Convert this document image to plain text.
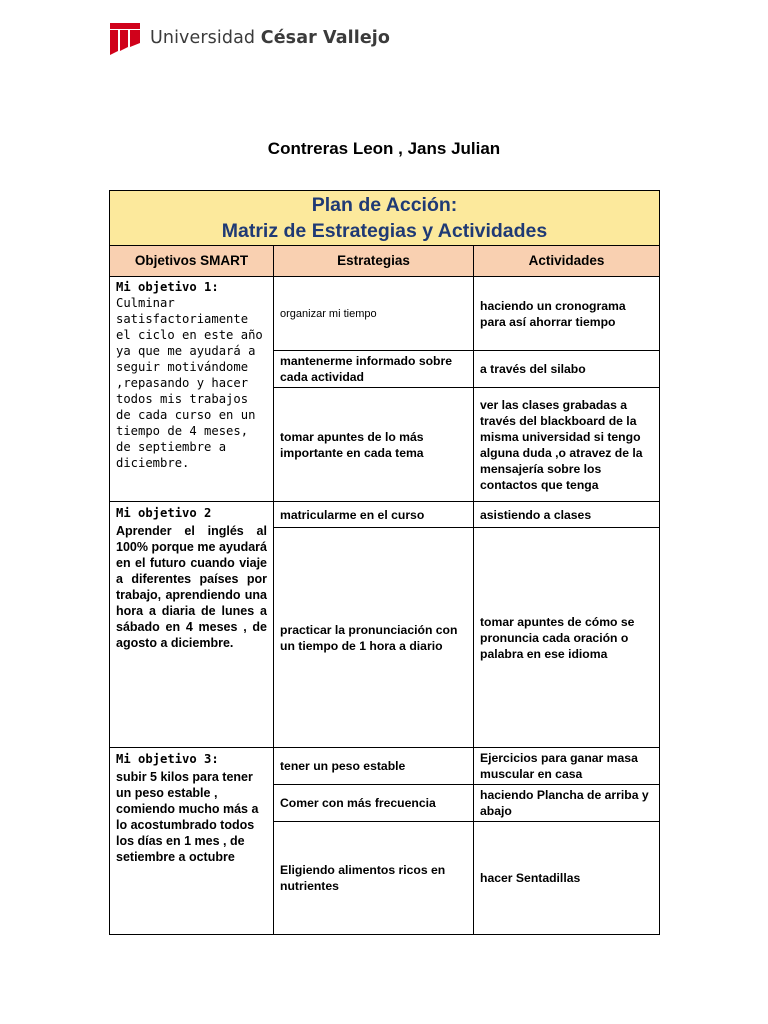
Universidad César Vallejo
Contreras Leon , Jans Julian
Plan de Acción:
Matriz de Estrategias y Actividades		

Objetivos SMART	Estrategias	Actividades
Mi objetivo 1:
Culminar satisfactoriamente el ciclo en este año ya que me ayudará a seguir motivándome ,repasando y hacer todos mis trabajos de cada curso en un tiempo de 4 meses, de septiembre a diciembre.	organizar mi tiempo	haciendo un cronograma para así ahorrar tiempo
	mantenerme informado sobre cada actividad	a través del silabo
	tomar apuntes de lo más importante en cada tema	ver las clases grabadas a través del blackboard de la misma universidad si tengo alguna duda ,o atravez de la mensajería sobre los contactos que tenga
Mi objetivo 2
Aprender el inglés al 100% porque me ayudará en el futuro cuando viaje a diferentes países por trabajo, aprendiendo una hora a diaria de lunes a sábado en 4 meses , de agosto a diciembre.	matricularme en el curso	asistiendo a clases
	practicar la pronunciación con un tiempo de 1 hora a diario	tomar apuntes de cómo se pronuncia cada oración o palabra en ese idioma
Mi objetivo 3:
subir 5 kilos para tener un peso estable , comiendo mucho más a lo acostumbrado todos los días en 1 mes , de setiembre a octubre	tener un peso estable	Ejercicios para ganar masa muscular en casa
	Comer con más frecuencia	haciendo Plancha de arriba y abajo
	Eligiendo alimentos ricos en nutrientes	hacer Sentadillas
